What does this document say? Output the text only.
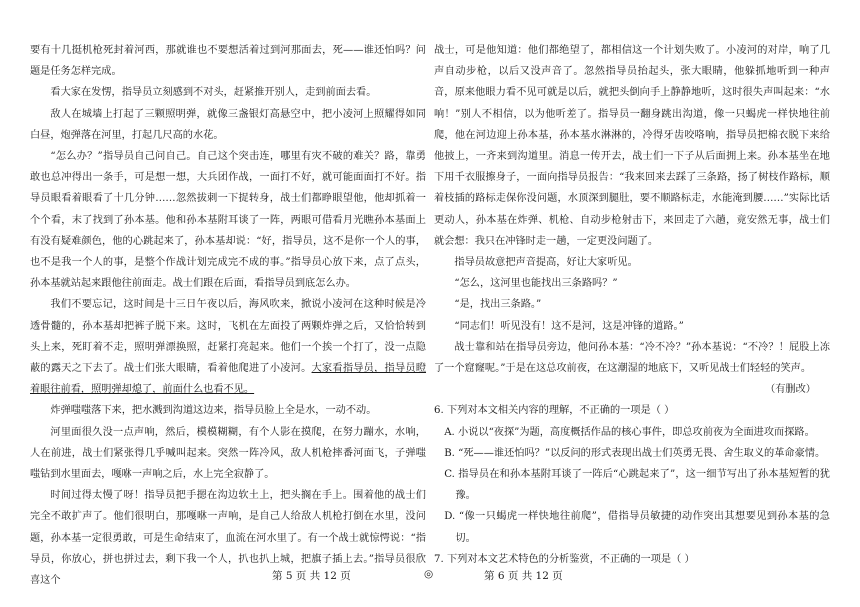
要有十几挺机枪死封着河西，那就谁也不要想活着过到河那面去，死——谁还怕吗？问题是任务怎样完成。

看大家在发愣，指导员立刻感到不对头，赶紧推开别人，走到前面去看。

敌人在城墙上打起了三颗照明弹，就像三盏银灯高悬空中，把小凌河上照耀得如同白昼，炮弹落在河里，打起几尺高的水花。

“怎么办？”指导员自己问自己。自己这个突击连，哪里有灾不破的难关？路，靠勇敢也总冲得出一条手，可是想一想，大兵团作战，一面打不好，就可能面面打不好。指导员眼看着眼看了十几分钟……忽然拔刺一下捉转身，战士们都睁眼望他，他却抓着一个个看，末了找到了孙本基。他和孙本基附耳谈了一阵，两眼可借看月光瞧孙本基面上有没有疑难颜色，他的心跳起来了，孙本基却说：“好，指导员，这不是你一个人的事，也不是我一个人的事，是整个作战计划完成完不成的事。”指导员心放下来，点了点头，孙本基就站起来跟他往前面走。战士们跟在后面，看指导员到底怎么办。

我们不要忘记，这时间是十三日午夜以后，海风吹来，掀说小凌河在这种时候是冷透骨髓的，孙本基却把裤子脱下来。这时，飞机在左面投了两颗炸弹之后，又恰恰转到头上来，死盯着不走，照明弹漂换照，赶紧打亮起来。他们一个挨一个打了，没一点隐蔽的露天之下去了。战士们张大眼睛，看着他爬进了小凌河。大家看指导员，指导员瞪着眼往前看，照明弹却熄了，前面什么也看不见。

炸弹嗤嗤落下来，把水溅到沟道这边来，指导员脸上全是水，一动不动。

河里面很久没一点声响，然后，模模糊糊，有个人影在摸爬，在努力蹦水，水响，人在前进，战士们紧张得几乎喊叫起来。突然一阵冷风，敌人机枪摔番河面飞，子弹嗤嗤钻到水里面去，嘎咻一声响之后，水上完全寂静了。

时间过得太慢了呀！指导员把手摁在沟边软土上，把头搁在手上。围着他的战士们完全不敢扩声了。他们很明白，那嘎咻一声响，是自己人给敌人机枪打倒在水里，没问题，孙本基一定很勇敢，可是生命结束了，血流在河水里了。有一个战士就惊愕说：“指导员，你放心，拼也拼过去，剩下我一个人，扒也扒上城，把旗子插上去。”指导员很欣喜这个

战士，可是他知道：他们都绝望了，都相信这一个计划失败了。小凌河的对岸，响了几声自动步枪，以后又没声音了。忽然指导员抬起头，张大眼睛，他躲抓地听到一种声音，原来他眼力看不见可就是以后，就把头倒向手上静静地听，这时很失声叫起来：“水响！”别人不相信，以为他听差了。指导员一翻身跳出沟道，像一只蝎虎一样快地往前爬，他在河边迎上孙本基，孙本基水淋淋的，冷得牙齿咬咯响，指导员把棉衣脱下来给他披上，一齐来到沟道里。消息一传开去，战士们一下子从后面拥上来。孙本基坐在地下用千衣服擦身子，一面向指导员报告：“我来回来去踩了三条路，扬了树枝作路标，顺着枝插的路标走保你没问题，水顶深到腿肚，要不顺路标走，水能淹到腰……”实际比话更动人，孙本基在炸弹、机枪、自动步枪射击下，来回走了六趟，竟安然无事，战士们就会想：我只在冲锋时走一趟，一定更没问题了。

指导员故意把声音提高，好让大家听见。

“怎么，这河里也能找出三条路吗？”

“是，找出三条路。”

“同志们！听见没有！这不是河，这是冲锋的道路。”

战士靠和站在指导员旁边，他问孙本基：“冷不冷？”孙本基说：“不冷？！屁股上冻了一个窟窿呢。”于是在这总攻前夜，在这潮湿的地底下，又听见战士们轻轻的笑声。

（有删改）

6. 下列对本文相关内容的理解，不正确的一项是（ ）

A. 小说以“夜探”为题，高度概括作品的核心事件，即总攻前夜为全面进攻而探路。

B. “死——谁还怕吗？”以反问的形式表现出战士们英勇无畏、舍生取义的革命豪情。

C. 指导员在和孙本基附耳谈了一阵后“心跳起来了”，这一细节写出了孙本基短暂的犹豫。

D. “像一只蝎虎一样快地往前爬”，借指导员敏捷的动作突出其想要见到孙本基的急切。

7. 下列对本文艺术特色的分析鉴赏，不正确的一项是（ ）

第 5 页 共 12 页	◎	第 6 页 共 12 页
